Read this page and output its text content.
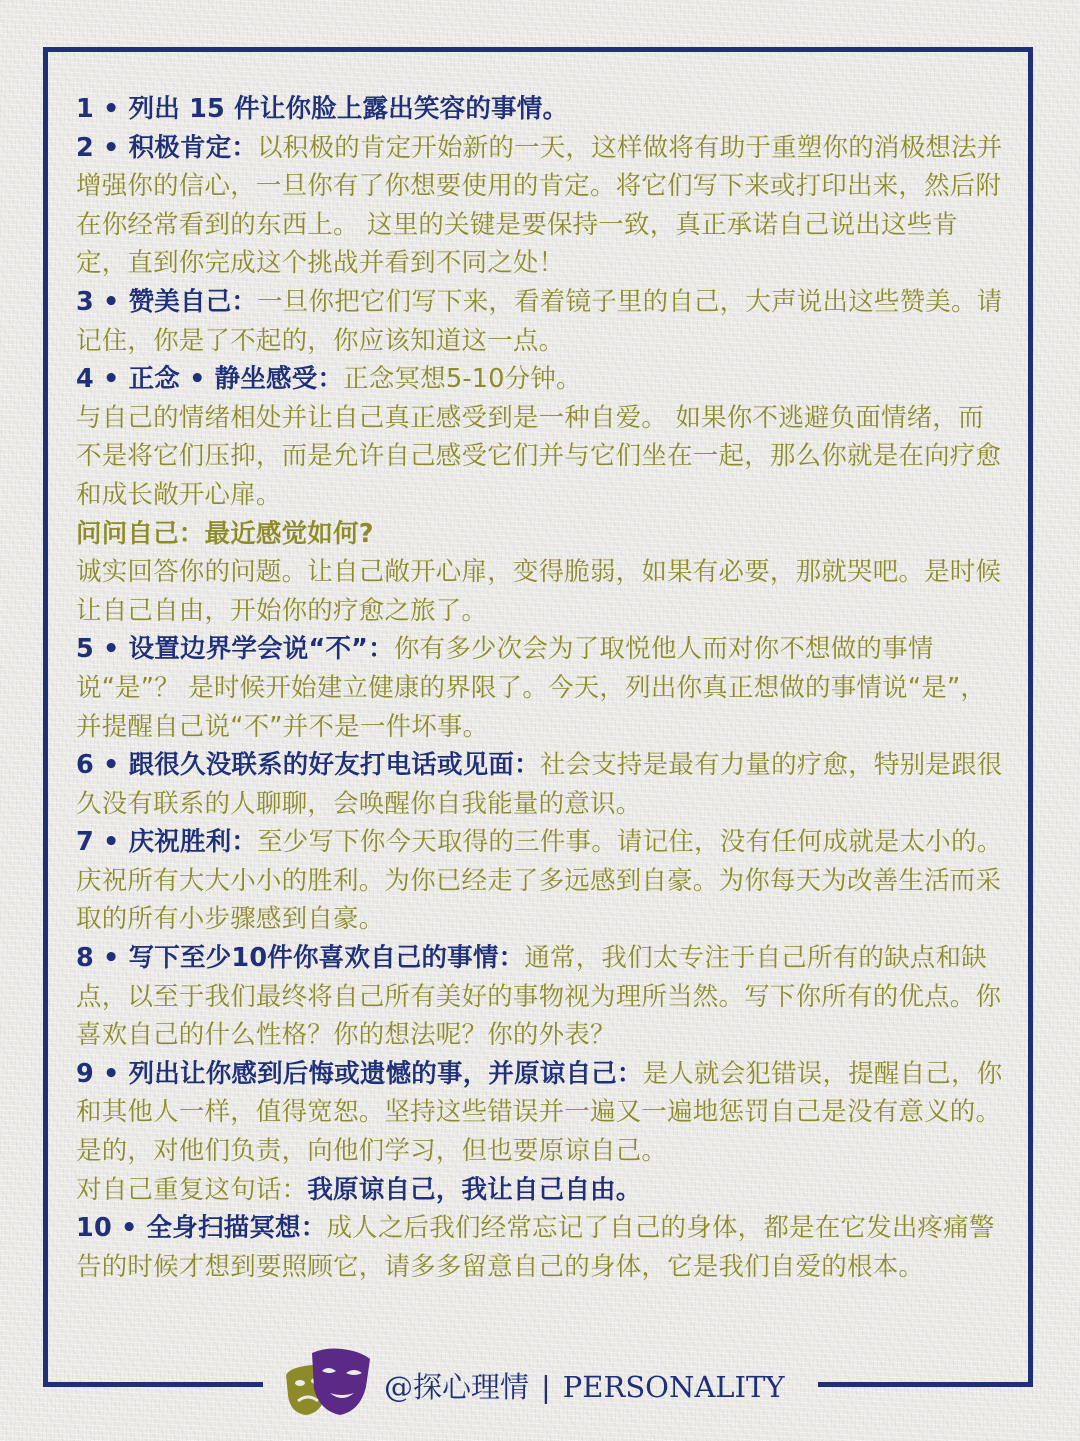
1 • 列出 15 件让你脸上露出笑容的事情。

2 • 积极肯定：以积极的肯定开始新的一天，这样做将有助于重塑你的消极想法并增强你的信心，一旦你有了你想要使用的肯定。将它们写下来或打印出来，然后附在你经常看到的东西上。 这里的关键是要保持一致，真正承诺自己说出这些肯定，直到你完成这个挑战并看到不同之处！

3 • 赞美自己：一旦你把它们写下来，看着镜子里的自己，大声说出这些赞美。请记住，你是了不起的，你应该知道这一点。

4 • 正念 • 静坐感受：正念冥想5-10分钟。

与自己的情绪相处并让自己真正感受到是一种自爱。 如果你不逃避负面情绪，而不是将它们压抑，而是允许自己感受它们并与它们坐在一起，那么你就是在向疗愈和成长敞开心扉。

问问自己：最近感觉如何?

诚实回答你的问题。让自己敞开心扉，变得脆弱，如果有必要，那就哭吧。是时候让自己自由，开始你的疗愈之旅了。

5 • 设置边界学会说“不”：你有多少次会为了取悦他人而对你不想做的事情说“是”？ 是时候开始建立健康的界限了。今天，列出你真正想做的事情说“是”，并提醒自己说“不”并不是一件坏事。

6 • 跟很久没联系的好友打电话或见面：社会支持是最有力量的疗愈，特别是跟很久没有联系的人聊聊，会唤醒你自我能量的意识。

7 • 庆祝胜利：至少写下你今天取得的三件事。请记住，没有任何成就是太小的。庆祝所有大大小小的胜利。为你已经走了多远感到自豪。为你每天为改善生活而采取的所有小步骤感到自豪。

8 • 写下至少10件你喜欢自己的事情：通常，我们太专注于自己所有的缺点和缺点，以至于我们最终将自己所有美好的事物视为理所当然。写下你所有的优点。你喜欢自己的什么性格？你的想法呢？你的外表？

9 • 列出让你感到后悔或遗憾的事，并原谅自己：是人就会犯错误，提醒自己，你和其他人一样，值得宽恕。坚持这些错误并一遍又一遍地惩罚自己是没有意义的。

是的，对他们负责，向他们学习，但也要原谅自己。

对自己重复这句话：我原谅自己，我让自己自由。

10 • 全身扫描冥想：成人之后我们经常忘记了自己的身体，都是在它发出疼痛警告的时候才想到要照顾它，请多多留意自己的身体，它是我们自爱的根本。

@探心理情 | PERSONALITY
